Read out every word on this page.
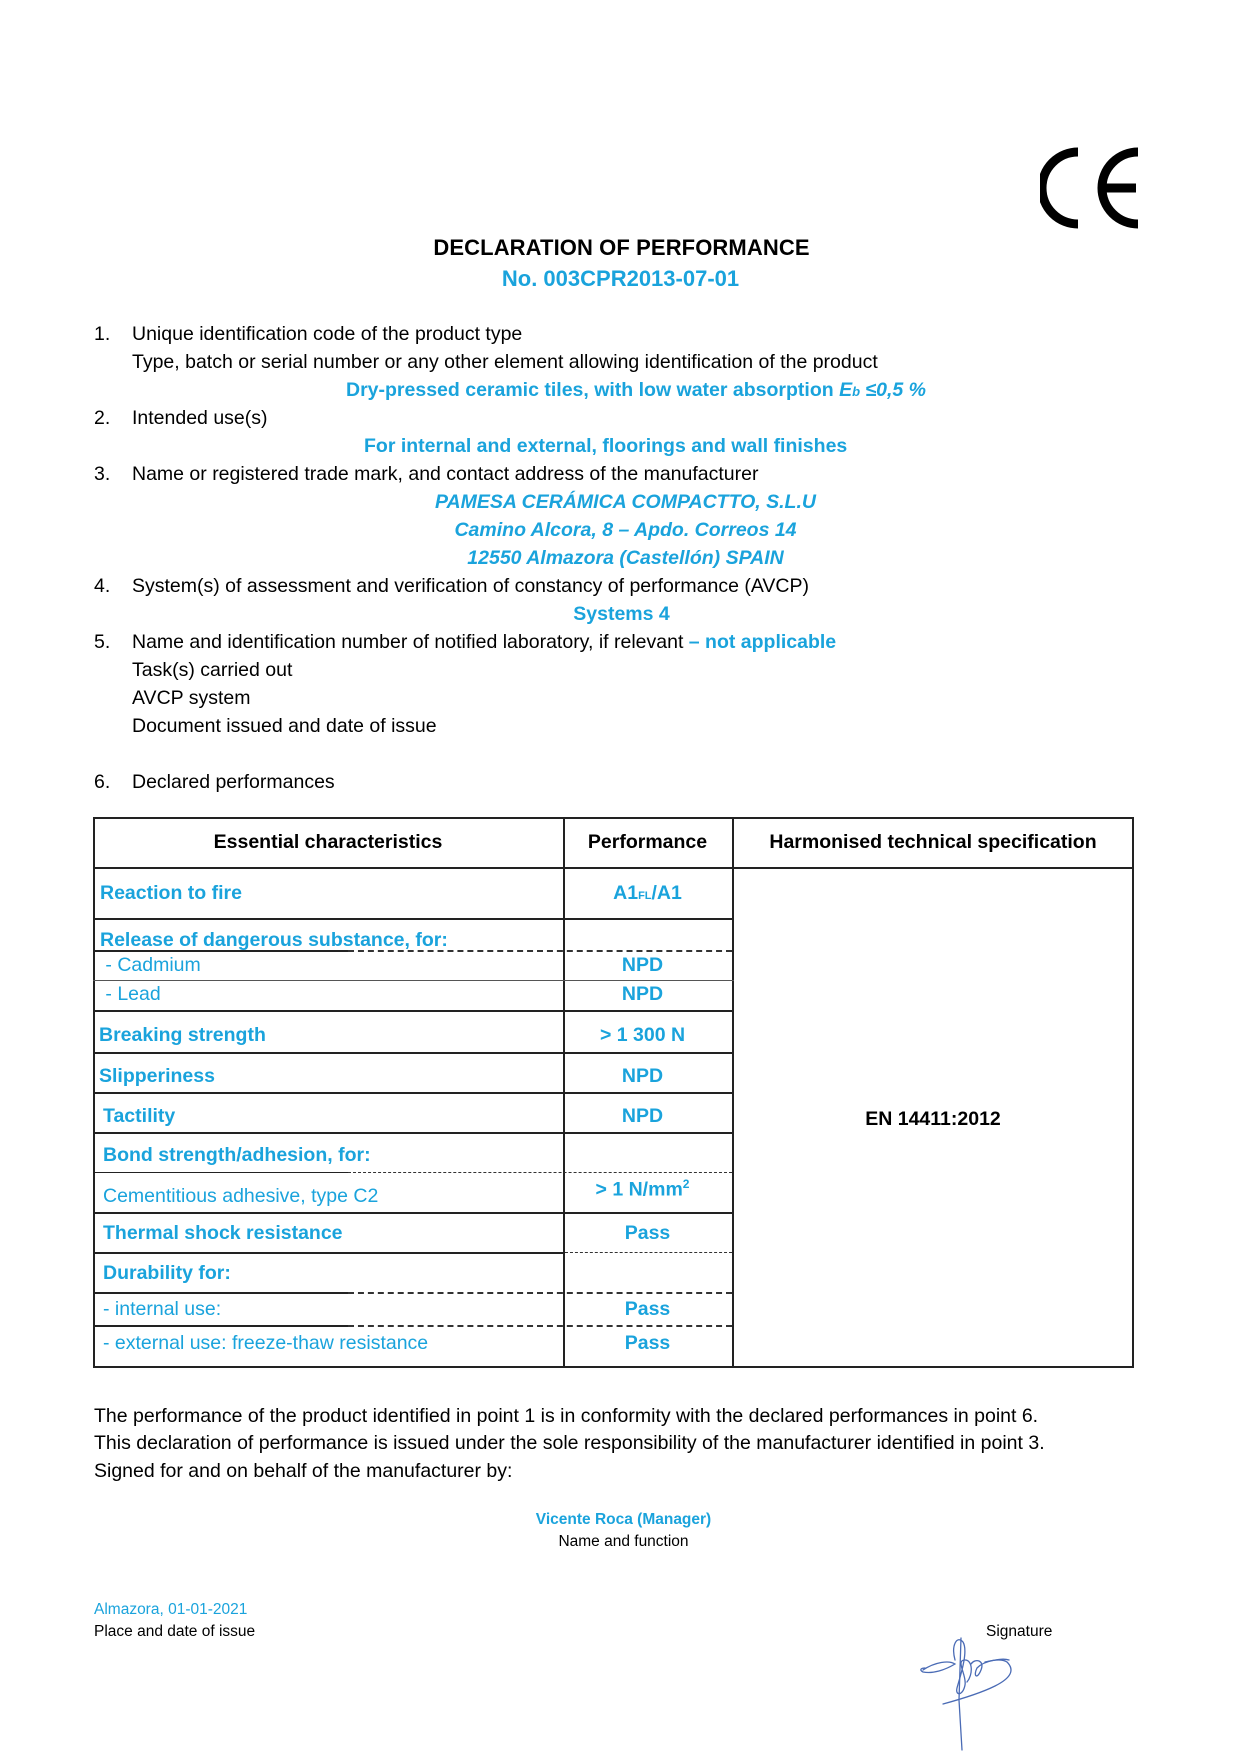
DECLARATION OF PERFORMANCE
No. 003CPR2013-07-01
1. Unique identification code of the product type
Type, batch or serial number or any other element allowing identification of the product
Dry-pressed ceramic tiles, with low water absorption Eb ≤0,5 %
2. Intended use(s)
For internal and external, floorings and wall finishes
3. Name or registered trade mark, and contact address of the manufacturer
PAMESA CERÁMICA COMPACTTO, S.L.U
Camino Alcora, 8 – Apdo. Correos 14
12550 Almazora (Castellón) SPAIN
4. System(s) of assessment and verification of constancy of performance (AVCP)
Systems 4
5. Name and identification number of notified laboratory, if relevant – not applicable
Task(s) carried out
AVCP system
Document issued and date of issue
6. Declared performances
Essential characteristics	Performance	Harmonised technical specification
EN 14411:2012
Reaction to fire	A1FL/A1
Release of dangerous substance, for:
- Cadmium	NPD
- Lead	NPD
Breaking strength	> 1 300 N
Slipperiness	NPD
Tactility	NPD
Bond strength/adhesion, for:
Cementitious adhesive, type C2	> 1 $N/mm^2$
Thermal shock resistance	Pass
Durability for:
- internal use:	Pass
- external use: freeze-thaw resistance	Pass
The performance of the product identified in point 1 is in conformity with the declared performances in point 6.
This declaration of performance is issued under the sole responsibility of the manufacturer identified in point 3.
Signed for and on behalf of the manufacturer by:
Vicente Roca (Manager)
Name and function
Almazora, 01-01-2021
Place and date of issue	Signature
